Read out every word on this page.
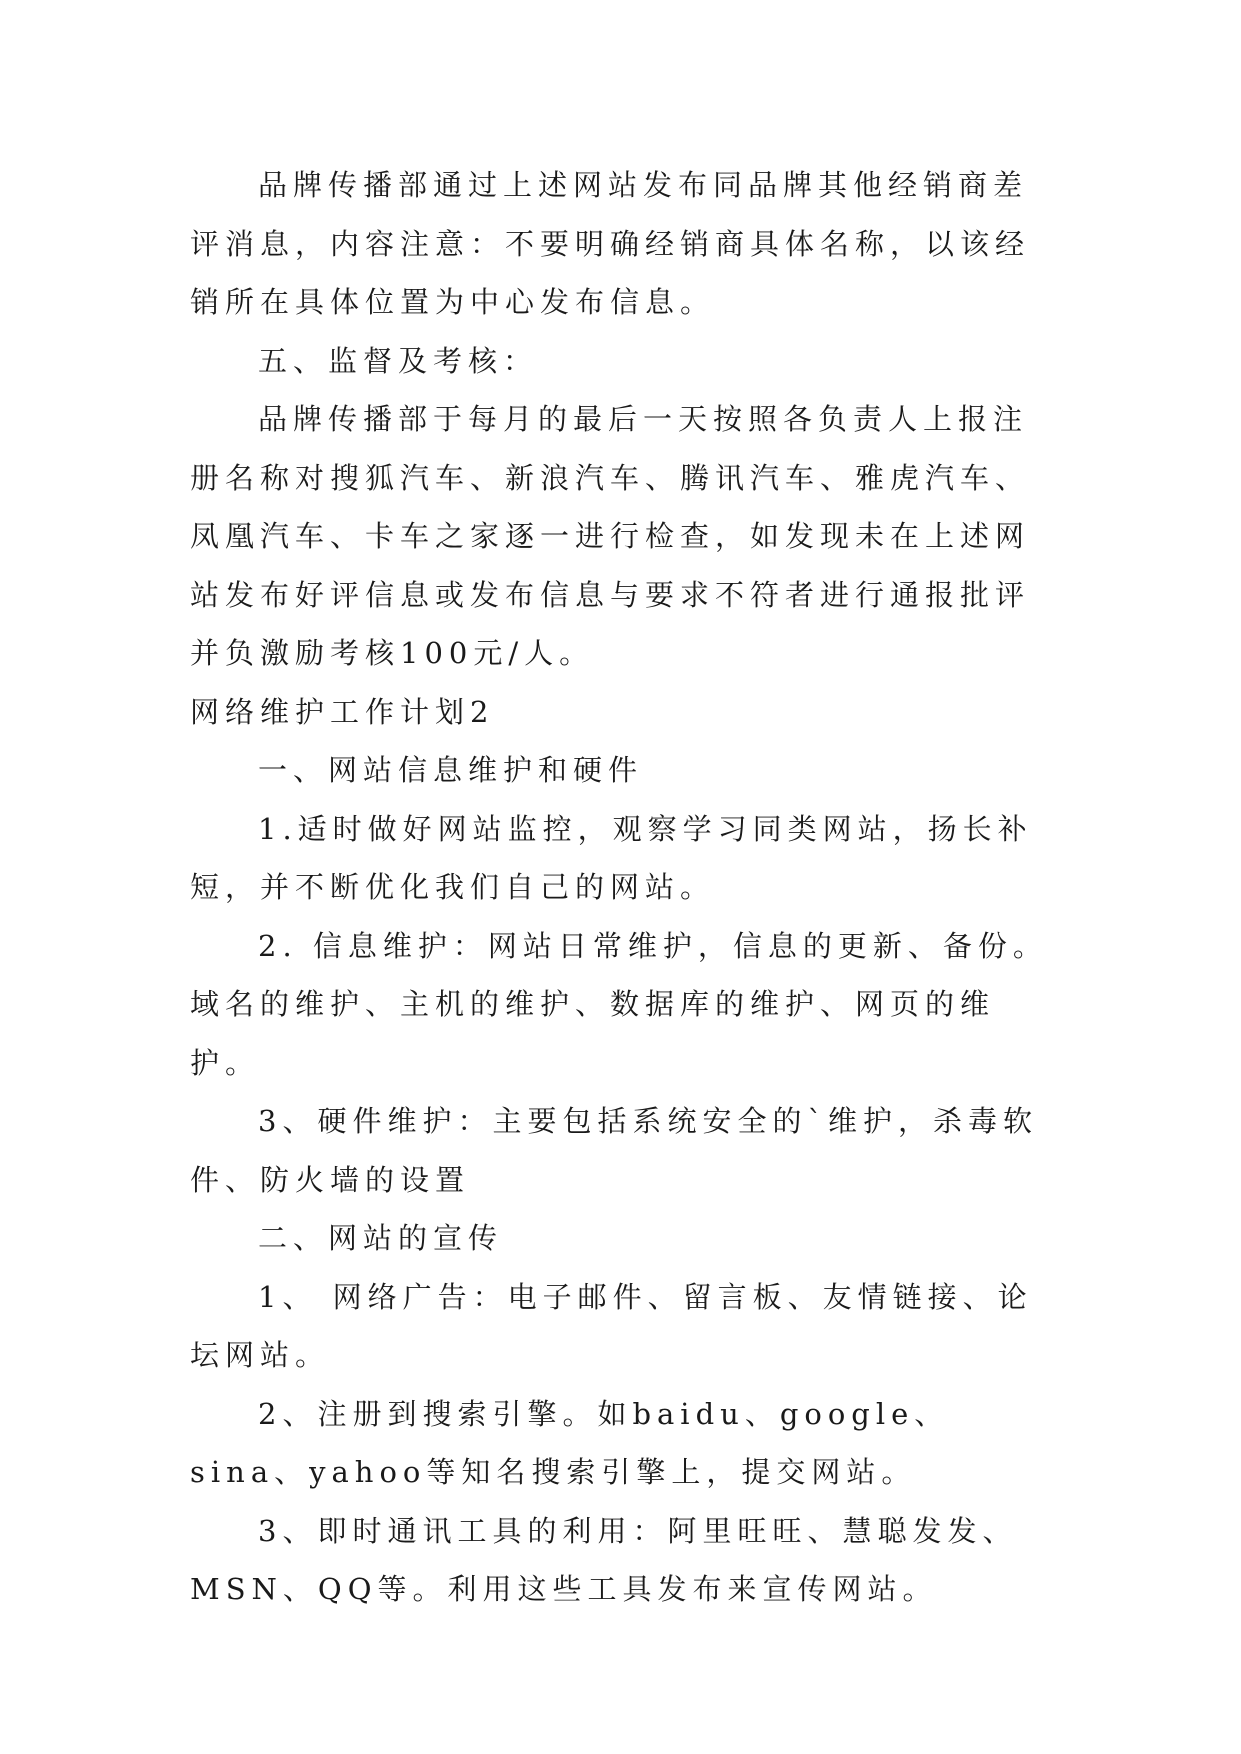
品牌传播部通过上述网站发布同品牌其他经销商差评消息，内容注意：不要明确经销商具体名称，以该经销所在具体位置为中心发布信息。

五、监督及考核：

品牌传播部于每月的最后一天按照各负责人上报注册名称对搜狐汽车、新浪汽车、腾讯汽车、雅虎汽车、凤凰汽车、卡车之家逐一进行检查，如发现未在上述网站发布好评信息或发布信息与要求不符者进行通报批评并负激励考核100元/人。

网络维护工作计划2

一、网站信息维护和硬件

1.适时做好网站监控，观察学习同类网站，扬长补短，并不断优化我们自己的网站。

2. 信息维护：网站日常维护，信息的更新、备份。域名的维护、主机的维护、数据库的维护、网页的维护。

3、硬件维护：主要包括系统安全的`维护，杀毒软件、防火墙的设置

二、网站的宣传

1、 网络广告：电子邮件、留言板、友情链接、论坛网站。

2、注册到搜索引擎。如baidu、google、sina、yahoo等知名搜索引擎上，提交网站。

3、即时通讯工具的利用：阿里旺旺、慧聪发发、MSN、QQ等。利用这些工具发布来宣传网站。
